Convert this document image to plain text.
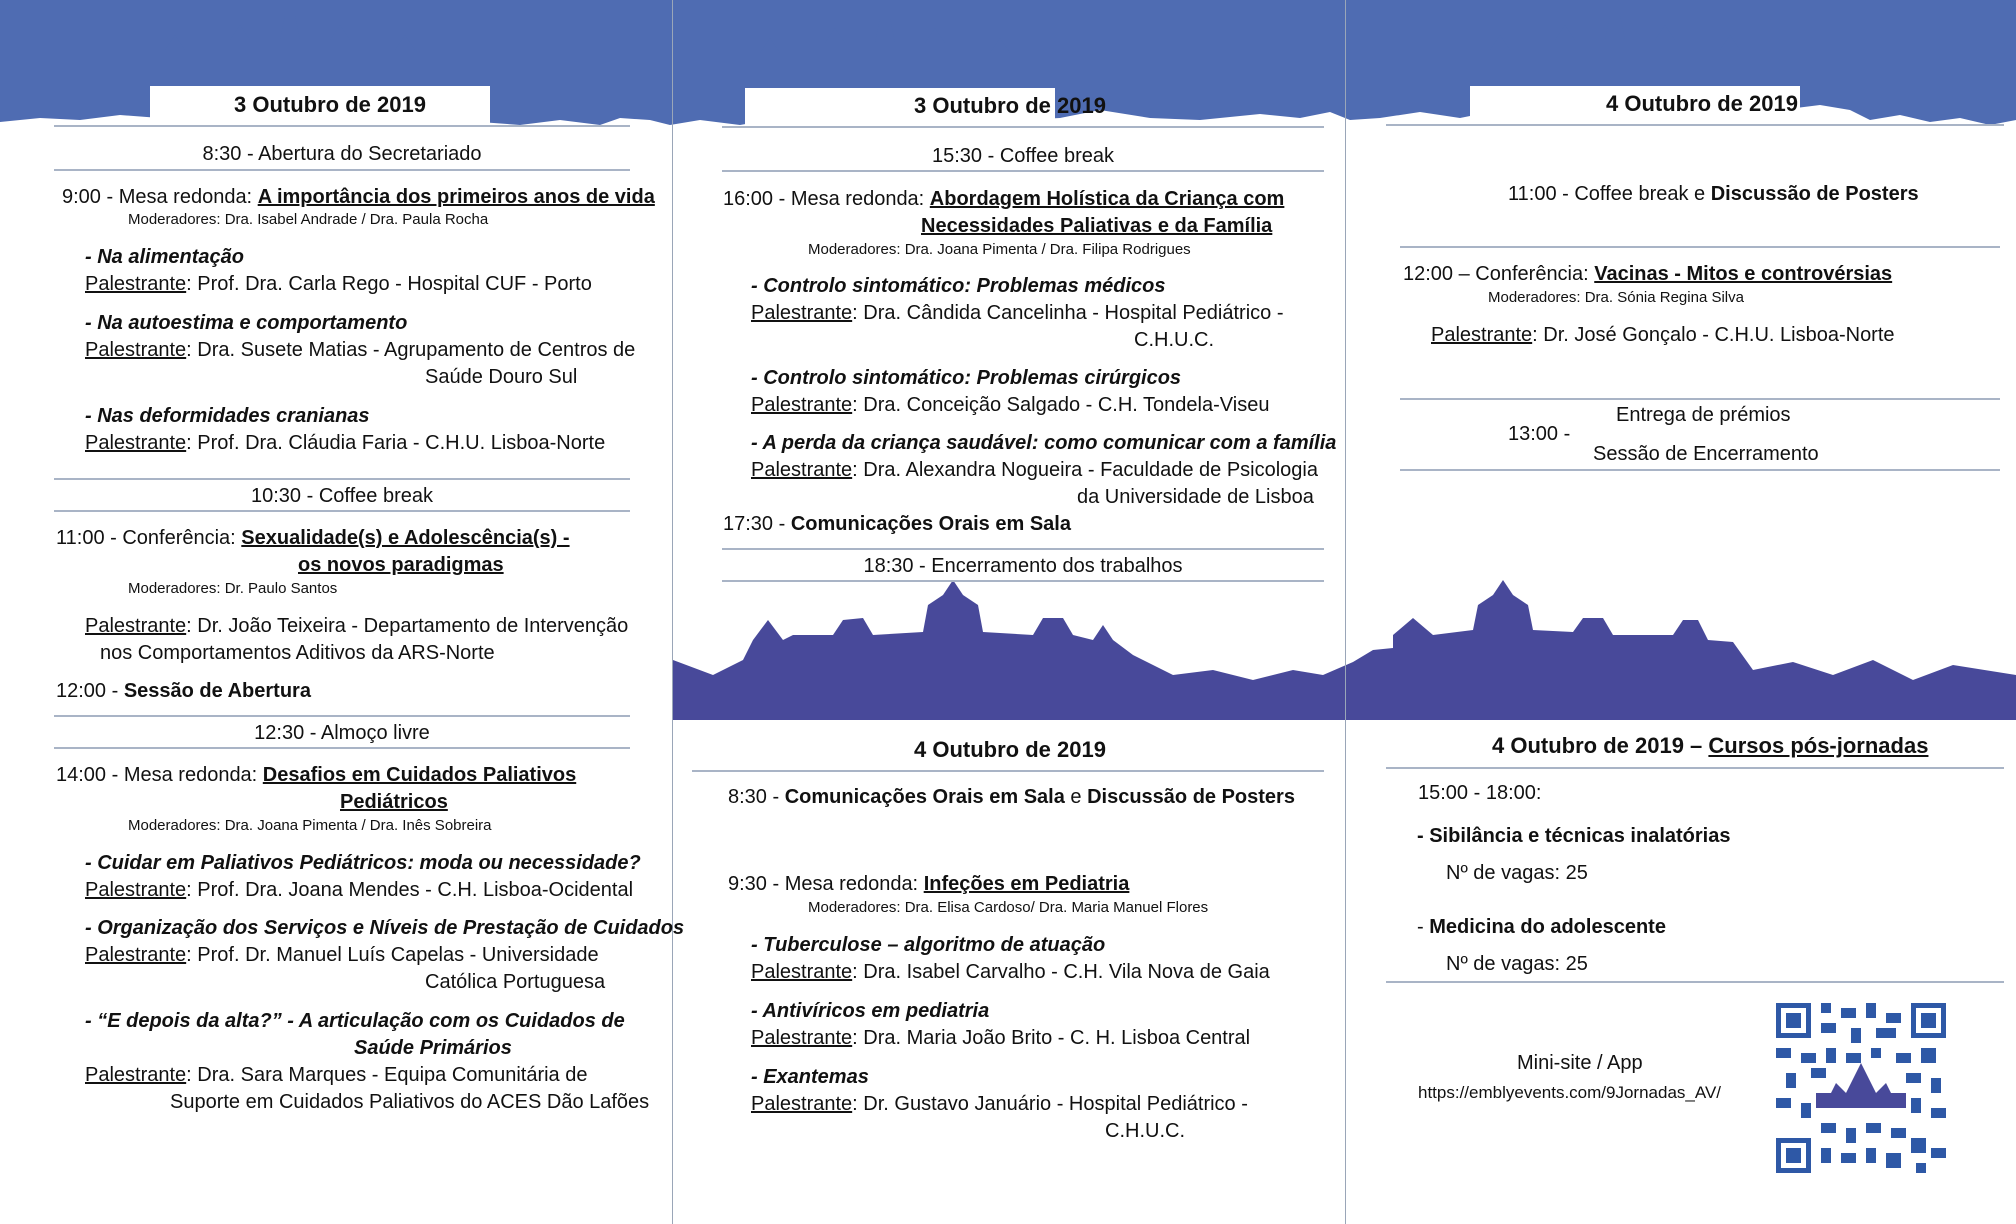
3 Outubro de 2019
8:30 - Abertura do Secretariado
9:00 - Mesa redonda: A importância dos primeiros anos de vida
Moderadores: Dra. Isabel Andrade / Dra. Paula Rocha
- Na alimentação
Palestrante: Prof. Dra. Carla Rego - Hospital CUF - Porto
- Na autoestima e comportamento
Palestrante: Dra. Susete Matias - Agrupamento de Centros de
Saúde Douro Sul
- Nas deformidades cranianas
Palestrante: Prof. Dra. Cláudia Faria - C.H.U. Lisboa-Norte
10:30 - Coffee break
11:00 - Conferência: Sexualidade(s) e Adolescência(s) -
os novos paradigmas
Moderadores: Dr. Paulo Santos
Palestrante: Dr. João Teixeira - Departamento de Intervenção
nos Comportamentos Aditivos da ARS-Norte
12:00 - Sessão de Abertura
12:30 - Almoço livre
14:00 - Mesa redonda: Desafios em Cuidados Paliativos
Pediátricos
Moderadores: Dra. Joana Pimenta / Dra. Inês Sobreira
- Cuidar em Paliativos Pediátricos: moda ou necessidade?
Palestrante: Prof. Dra. Joana Mendes - C.H. Lisboa-Ocidental
- Organização dos Serviços e Níveis de Prestação de Cuidados
Palestrante: Prof. Dr. Manuel Luís Capelas - Universidade
Católica Portuguesa
- “E depois da alta?” - A articulação com os Cuidados de
Saúde Primários
Palestrante: Dra. Sara Marques - Equipa Comunitária de
Suporte em Cuidados Paliativos do ACES Dão Lafões
3 Outubro de 2019
15:30 - Coffee break
16:00 - Mesa redonda: Abordagem Holística da Criança com
Necessidades Paliativas e da Família
Moderadores: Dra. Joana Pimenta / Dra. Filipa Rodrigues
- Controlo sintomático: Problemas médicos
Palestrante: Dra. Cândida Cancelinha - Hospital Pediátrico -
C.H.U.C.
- Controlo sintomático: Problemas cirúrgicos
Palestrante: Dra. Conceição Salgado - C.H. Tondela-Viseu
- A perda da criança saudável: como comunicar com a família
Palestrante: Dra. Alexandra Nogueira - Faculdade de Psicologia
da Universidade de Lisboa
17:30 - Comunicações Orais em Sala
18:30 - Encerramento dos trabalhos
4 Outubro de 2019
8:30 - Comunicações Orais em Sala e Discussão de Posters
9:30 - Mesa redonda: Infeções em Pediatria
Moderadores: Dra. Elisa Cardoso/ Dra. Maria Manuel Flores
- Tuberculose – algoritmo de atuação
Palestrante: Dra. Isabel Carvalho - C.H. Vila Nova de Gaia
- Antivíricos em pediatria
Palestrante: Dra. Maria João Brito - C. H. Lisboa Central
- Exantemas
Palestrante: Dr. Gustavo Januário - Hospital Pediátrico -
C.H.U.C.
4 Outubro de 2019
11:00 - Coffee break e Discussão de Posters
12:00 – Conferência: Vacinas - Mitos e controvérsias
Moderadores: Dra. Sónia Regina Silva
Palestrante: Dr. José Gonçalo - C.H.U. Lisboa-Norte
13:00 -
Entrega de prémios
Sessão de Encerramento
4 Outubro de 2019 – Cursos pós-jornadas
15:00 - 18:00:
- Sibilância e técnicas inalatórias
Nº de vagas: 25
- Medicina do adolescente
Nº de vagas: 25
Mini-site / App
https://emblyevents.com/9Jornadas_AV/
